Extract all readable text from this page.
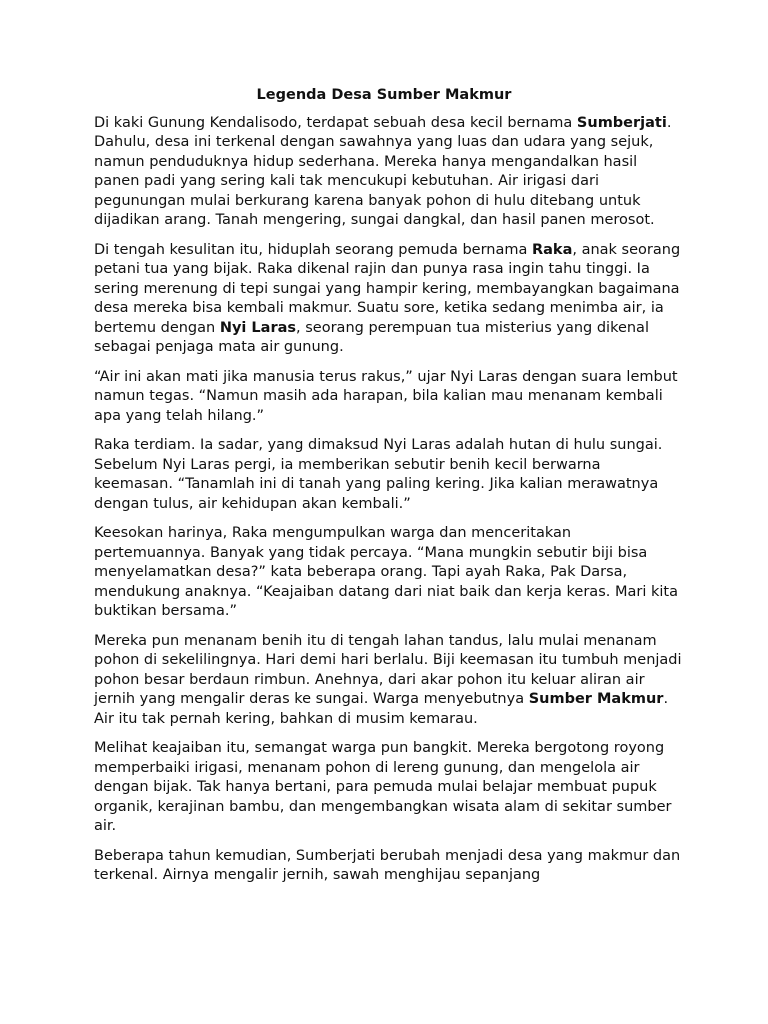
Legenda Desa Sumber Makmur

Di kaki Gunung Kendalisodo, terdapat sebuah desa kecil bernama Sumberjati. Dahulu, desa ini terkenal dengan sawahnya yang luas dan udara yang sejuk, namun penduduknya hidup sederhana. Mereka hanya mengandalkan hasil panen padi yang sering kali tak mencukupi kebutuhan. Air irigasi dari pegunungan mulai berkurang karena banyak pohon di hulu ditebang untuk dijadikan arang. Tanah mengering, sungai dangkal, dan hasil panen merosot.

Di tengah kesulitan itu, hiduplah seorang pemuda bernama Raka, anak seorang petani tua yang bijak. Raka dikenal rajin dan punya rasa ingin tahu tinggi. Ia sering merenung di tepi sungai yang hampir kering, membayangkan bagaimana desa mereka bisa kembali makmur. Suatu sore, ketika sedang menimba air, ia bertemu dengan Nyi Laras, seorang perempuan tua misterius yang dikenal sebagai penjaga mata air gunung.

“Air ini akan mati jika manusia terus rakus,” ujar Nyi Laras dengan suara lembut namun tegas. “Namun masih ada harapan, bila kalian mau menanam kembali apa yang telah hilang.”

Raka terdiam. Ia sadar, yang dimaksud Nyi Laras adalah hutan di hulu sungai. Sebelum Nyi Laras pergi, ia memberikan sebutir benih kecil berwarna keemasan. “Tanamlah ini di tanah yang paling kering. Jika kalian merawatnya dengan tulus, air kehidupan akan kembali.”

Keesokan harinya, Raka mengumpulkan warga dan menceritakan pertemuannya. Banyak yang tidak percaya. “Mana mungkin sebutir biji bisa menyelamatkan desa?” kata beberapa orang. Tapi ayah Raka, Pak Darsa, mendukung anaknya. “Keajaiban datang dari niat baik dan kerja keras. Mari kita buktikan bersama.”

Mereka pun menanam benih itu di tengah lahan tandus, lalu mulai menanam pohon di sekelilingnya. Hari demi hari berlalu. Biji keemasan itu tumbuh menjadi pohon besar berdaun rimbun. Anehnya, dari akar pohon itu keluar aliran air jernih yang mengalir deras ke sungai. Warga menyebutnya Sumber Makmur. Air itu tak pernah kering, bahkan di musim kemarau.

Melihat keajaiban itu, semangat warga pun bangkit. Mereka bergotong royong memperbaiki irigasi, menanam pohon di lereng gunung, dan mengelola air dengan bijak. Tak hanya bertani, para pemuda mulai belajar membuat pupuk organik, kerajinan bambu, dan mengembangkan wisata alam di sekitar sumber air.

Beberapa tahun kemudian, Sumberjati berubah menjadi desa yang makmur dan terkenal. Airnya mengalir jernih, sawah menghijau sepanjang
